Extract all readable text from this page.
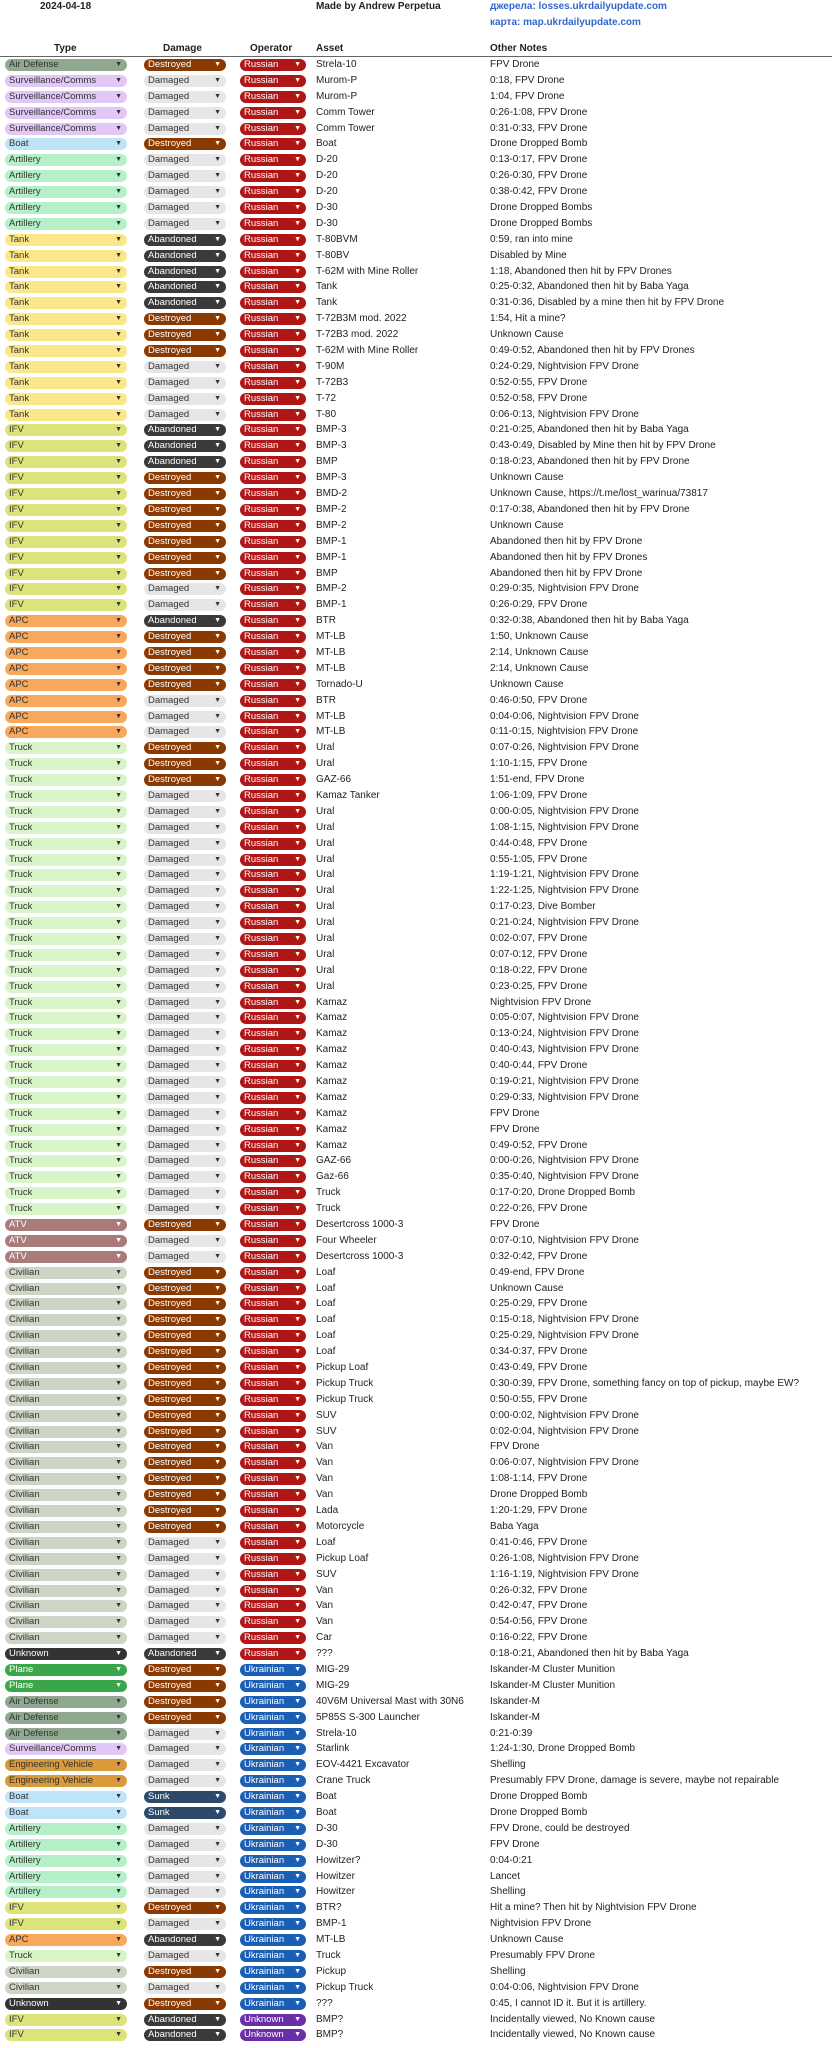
2024-04-18	Made by Andrew Perpetua	джерела: losses.ukrdailyupdate.com
карта: map.ukrdailyupdate.com
Type	Damage	Operator Asset	Other Notes
Air Defense	▼	Destroyed	▼	Russian ▼ Strela-10	FPV Drone
Surveillance/Comms	▼	Damaged	▼	Russian ▼ Murom-P	0:18, FPV Drone
Surveillance/Comms	▼	Damaged	▼	Russian ▼ Murom-P	1:04, FPV Drone
Surveillance/Comms	▼	Damaged	▼	Russian ▼ Comm Tower	0:26-1:08, FPV Drone
Surveillance/Comms	▼	Damaged	▼	Russian ▼ Comm Tower	0:31-0:33, FPV Drone
Boat	▼	Destroyed	▼	Russian ▼ Boat	Drone Dropped Bomb
Artillery	▼	Damaged	▼	Russian ▼ D-20	0:13-0:17, FPV Drone
Artillery	▼	Damaged	▼	Russian ▼ D-20	0:26-0:30, FPV Drone
Artillery	▼	Damaged	▼	Russian ▼ D-20	0:38-0:42, FPV Drone
Artillery	▼	Damaged	▼	Russian ▼ D-30	Drone Dropped Bombs
Artillery	▼	Damaged	▼	Russian ▼ D-30	Drone Dropped Bombs
Tank	▼	Abandoned ▼	Russian ▼ T-80BVM	0:59, ran into mine
Tank	▼	Abandoned ▼	Russian ▼ T-80BV	Disabled by Mine
Tank	▼	Abandoned ▼	Russian ▼ T-62M with Mine Roller	1:18, Abandoned then hit by FPV Drones
Tank	▼	Abandoned ▼	Russian ▼ Tank	0:25-0:32, Abandoned then hit by Baba Yaga
Tank	▼	Abandoned ▼	Russian ▼ Tank	0:31-0:36, Disabled by a mine then hit by FPV Drone
Tank	▼	Destroyed	▼	Russian ▼ T-72B3M mod. 2022	1:54, Hit a mine?
Tank	▼	Destroyed	▼	Russian ▼ T-72B3 mod. 2022	Unknown Cause
Tank	▼	Destroyed	▼	Russian ▼ T-62M with Mine Roller	0:49-0:52, Abandoned then hit by FPV Drones
Tank	▼	Damaged	▼	Russian ▼ T-90M	0:24-0:29, Nightvision FPV Drone
Tank	▼	Damaged	▼	Russian ▼ T-72B3	0:52-0:55, FPV Drone
Tank	▼	Damaged	▼	Russian ▼ T-72	0:52-0:58, FPV Drone
Tank	▼	Damaged	▼	Russian ▼ T-80	0:06-0:13, Nightvision FPV Drone
IFV	▼	Abandoned ▼	Russian ▼ BMP-3	0:21-0:25, Abandoned then hit by Baba Yaga
IFV	▼	Abandoned ▼	Russian ▼ BMP-3	0:43-0:49, Disabled by Mine then hit by FPV Drone
IFV	▼	Abandoned ▼	Russian ▼ BMP	0:18-0:23, Abandoned then hit by FPV Drone
IFV	▼	Destroyed	▼	Russian ▼ BMP-3	Unknown Cause
IFV	▼	Destroyed	▼	Russian ▼ BMD-2	Unknown Cause, https://t.me/lost_warinua/73817
IFV	▼	Destroyed	▼	Russian ▼ BMP-2	0:17-0:38, Abandoned then hit by FPV Drone
IFV	▼	Destroyed	▼	Russian ▼ BMP-2	Unknown Cause
IFV	▼	Destroyed	▼	Russian ▼ BMP-1	Abandoned then hit by FPV Drone
IFV	▼	Destroyed	▼	Russian ▼ BMP-1	Abandoned then hit by FPV Drones
IFV	▼	Destroyed	▼	Russian ▼ BMP	Abandoned then hit by FPV Drone
IFV	▼	Damaged	▼	Russian ▼ BMP-2	0:29-0:35, Nightvision FPV Drone
IFV	▼	Damaged	▼	Russian ▼ BMP-1	0:26-0:29, FPV Drone
APC	▼	Abandoned ▼	Russian ▼ BTR	0:32-0:38, Abandoned then hit by Baba Yaga
APC	▼	Destroyed	▼	Russian ▼ MT-LB	1:50, Unknown Cause
APC	▼	Destroyed	▼	Russian ▼ MT-LB	2:14, Unknown Cause
APC	▼	Destroyed	▼	Russian ▼ MT-LB	2:14, Unknown Cause
APC	▼	Destroyed	▼	Russian ▼ Tornado-U	Unknown Cause
APC	▼	Damaged	▼	Russian ▼ BTR	0:46-0:50, FPV Drone
APC	▼	Damaged	▼	Russian ▼ MT-LB	0:04-0:06, Nightvision FPV Drone
APC	▼	Damaged	▼	Russian ▼ MT-LB	0:11-0:15, Nightvision FPV Drone
Truck	▼	Destroyed	▼	Russian ▼ Ural	0:07-0:26, Nightvision FPV Drone
Truck	▼	Destroyed	▼	Russian ▼ Ural	1:10-1:15, FPV Drone
Truck	▼	Destroyed	▼	Russian ▼ GAZ-66	1:51-end, FPV Drone
Truck	▼	Damaged	▼	Russian ▼ Kamaz Tanker	1:06-1:09, FPV Drone
Truck	▼	Damaged	▼	Russian ▼ Ural	0:00-0:05, Nightvision FPV Drone
Truck	▼	Damaged	▼	Russian ▼ Ural	1:08-1:15, Nightvision FPV Drone
Truck	▼	Damaged	▼	Russian ▼ Ural	0:44-0:48, FPV Drone
Truck	▼	Damaged	▼	Russian ▼ Ural	0:55-1:05, FPV Drone
Truck	▼	Damaged	▼	Russian ▼ Ural	1:19-1:21, Nightvision FPV Drone
Truck	▼	Damaged	▼	Russian ▼ Ural	1:22-1:25, Nightvision FPV Drone
Truck	▼	Damaged	▼	Russian ▼ Ural	0:17-0:23, Dive Bomber
Truck	▼	Damaged	▼	Russian ▼ Ural	0:21-0:24, Nightvision FPV Drone
Truck	▼	Damaged	▼	Russian ▼ Ural	0:02-0:07, FPV Drone
Truck	▼	Damaged	▼	Russian ▼ Ural	0:07-0:12, FPV Drone
Truck	▼	Damaged	▼	Russian ▼ Ural	0:18-0:22, FPV Drone
Truck	▼	Damaged	▼	Russian ▼ Ural	0:23-0:25, FPV Drone
Truck	▼	Damaged	▼	Russian ▼ Kamaz	Nightvision FPV Drone
Truck	▼	Damaged	▼	Russian ▼ Kamaz	0:05-0:07, Nightvision FPV Drone
Truck	▼	Damaged	▼	Russian ▼ Kamaz	0:13-0:24, Nightvision FPV Drone
Truck	▼	Damaged	▼	Russian ▼ Kamaz	0:40-0:43, Nightvision FPV Drone
Truck	▼	Damaged	▼	Russian ▼ Kamaz	0:40-0:44, FPV Drone
Truck	▼	Damaged	▼	Russian ▼ Kamaz	0:19-0:21, Nightvision FPV Drone
Truck	▼	Damaged	▼	Russian ▼ Kamaz	0:29-0:33, Nightvision FPV Drone
Truck	▼	Damaged	▼	Russian ▼ Kamaz	FPV Drone
Truck	▼	Damaged	▼	Russian ▼ Kamaz	FPV Drone
Truck	▼	Damaged	▼	Russian ▼ Kamaz	0:49-0:52, FPV Drone
Truck	▼	Damaged	▼	Russian ▼ GAZ-66	0:00-0:26, Nightvision FPV Drone
Truck	▼	Damaged	▼	Russian ▼ Gaz-66	0:35-0:40, Nightvision FPV Drone
Truck	▼	Damaged	▼	Russian ▼ Truck	0:17-0:20, Drone Dropped Bomb
Truck	▼	Damaged	▼	Russian ▼ Truck	0:22-0:26, FPV Drone
ATV	▼	Destroyed	▼	Russian ▼ Desertcross 1000-3	FPV Drone
ATV	▼	Damaged	▼	Russian ▼ Four Wheeler	0:07-0:10, Nightvision FPV Drone
ATV	▼	Damaged	▼	Russian ▼ Desertcross 1000-3	0:32-0:42, FPV Drone
Civilian	▼	Destroyed	▼	Russian ▼ Loaf	0:49-end, FPV Drone
Civilian	▼	Destroyed	▼	Russian ▼ Loaf	Unknown Cause
Civilian	▼	Destroyed	▼	Russian ▼ Loaf	0:25-0:29, FPV Drone
Civilian	▼	Destroyed	▼	Russian ▼ Loaf	0:15-0:18, Nightvision FPV Drone
Civilian	▼	Destroyed	▼	Russian ▼ Loaf	0:25-0:29, Nightvision FPV Drone
Civilian	▼	Destroyed	▼	Russian ▼ Loaf	0:34-0:37, FPV Drone
Civilian	▼	Destroyed	▼	Russian ▼ Pickup Loaf	0:43-0:49, FPV Drone
Civilian	▼	Destroyed	▼	Russian ▼ Pickup Truck	0:30-0:39, FPV Drone, something fancy on top of pickup, maybe EW?
Civilian	▼	Destroyed	▼	Russian ▼ Pickup Truck	0:50-0:55, FPV Drone
Civilian	▼	Destroyed	▼	Russian ▼ SUV	0:00-0:02, Nightvision FPV Drone
Civilian	▼	Destroyed	▼	Russian ▼ SUV	0:02-0:04, Nightvision FPV Drone
Civilian	▼	Destroyed	▼	Russian ▼ Van	FPV Drone
Civilian	▼	Destroyed	▼	Russian ▼ Van	0:06-0:07, Nightvision FPV Drone
Civilian	▼	Destroyed	▼	Russian ▼ Van	1:08-1:14, FPV Drone
Civilian	▼	Destroyed	▼	Russian ▼ Van	Drone Dropped Bomb
Civilian	▼	Destroyed	▼	Russian ▼ Lada	1:20-1:29, FPV Drone
Civilian	▼	Destroyed	▼	Russian ▼ Motorcycle	Baba Yaga
Civilian	▼	Damaged	▼	Russian ▼ Loaf	0:41-0:46, FPV Drone
Civilian	▼	Damaged	▼	Russian ▼ Pickup Loaf	0:26-1:08, Nightvision FPV Drone
Civilian	▼	Damaged	▼	Russian ▼ SUV	1:16-1:19, Nightvision FPV Drone
Civilian	▼	Damaged	▼	Russian ▼ Van	0:26-0:32, FPV Drone
Civilian	▼	Damaged	▼	Russian ▼ Van	0:42-0:47, FPV Drone
Civilian	▼	Damaged	▼	Russian ▼ Van	0:54-0:56, FPV Drone
Civilian	▼	Damaged	▼	Russian ▼ Car	0:16-0:22, FPV Drone
Unknown	▼	Abandoned ▼	Russian ▼ ???	0:18-0:21, Abandoned then hit by Baba Yaga
Plane	▼	Destroyed	▼	Ukrainian ▼ MIG-29	Iskander-M Cluster Munition
Plane	▼	Destroyed	▼	Ukrainian ▼ MIG-29	Iskander-M Cluster Munition
Air Defense	▼	Destroyed	▼	Ukrainian ▼ 40V6M Universal Mast with 30N6	Iskander-M
Air Defense	▼	Destroyed	▼	Ukrainian ▼ 5P85S S-300 Launcher	Iskander-M
Air Defense	▼	Damaged	▼	Ukrainian ▼ Strela-10	0:21-0:39
Surveillance/Comms	▼	Damaged	▼	Ukrainian ▼ Starlink	1:24-1:30, Drone Dropped Bomb
Engineering Vehicle	▼	Damaged	▼	Ukrainian ▼ EOV-4421 Excavator	Shelling
Engineering Vehicle	▼	Damaged	▼	Ukrainian ▼ Crane Truck	Presumably FPV Drone, damage is severe, maybe not repairable
Boat	▼	Sunk	▼	Ukrainian ▼ Boat	Drone Dropped Bomb
Boat	▼	Sunk	▼	Ukrainian ▼ Boat	Drone Dropped Bomb
Artillery	▼	Damaged	▼	Ukrainian ▼ D-30	FPV Drone, could be destroyed
Artillery	▼	Damaged	▼	Ukrainian ▼ D-30	FPV Drone
Artillery	▼	Damaged	▼	Ukrainian ▼ Howitzer?	0:04-0:21
Artillery	▼	Damaged	▼	Ukrainian ▼ Howitzer	Lancet
Artillery	▼	Damaged	▼	Ukrainian ▼ Howitzer	Shelling
IFV	▼	Destroyed	▼	Ukrainian ▼ BTR?	Hit a mine? Then hit by Nightvision FPV Drone
IFV	▼	Damaged	▼	Ukrainian ▼ BMP-1	Nightvision FPV Drone
APC	▼	Abandoned ▼	Ukrainian ▼ MT-LB	Unknown Cause
Truck	▼	Damaged	▼	Ukrainian ▼ Truck	Presumably FPV Drone
Civilian	▼	Destroyed	▼	Ukrainian ▼ Pickup	Shelling
Civilian	▼	Damaged	▼	Ukrainian ▼ Pickup Truck	0:04-0:06, Nightvision FPV Drone
Unknown	▼	Destroyed	▼	Ukrainian ▼ ???	0:45, I cannot ID it. But it is artillery.
IFV	▼	Abandoned ▼	Unknown ▼ BMP?	Incidentally viewed, No Known cause
IFV	▼	Abandoned ▼	Unknown ▼ BMP?	Incidentally viewed, No Known cause
